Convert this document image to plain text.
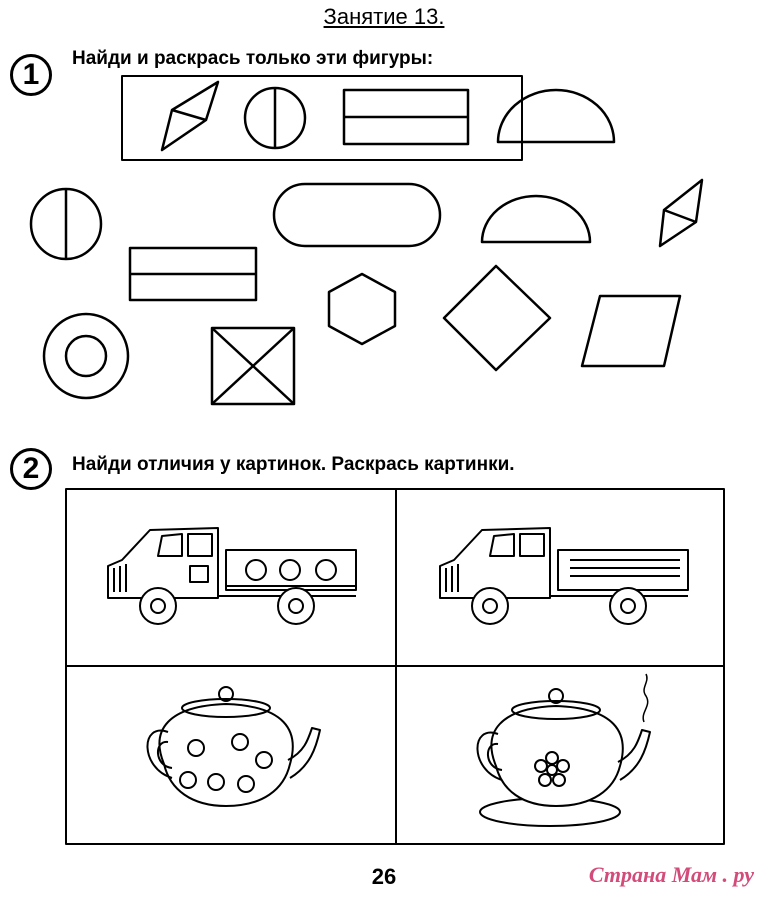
Занятие 13.
1 Найди и раскрась только эти фигуры:
2 Найди отличия у картинок. Раскрась картинки.
26	Страна Мам . ру
